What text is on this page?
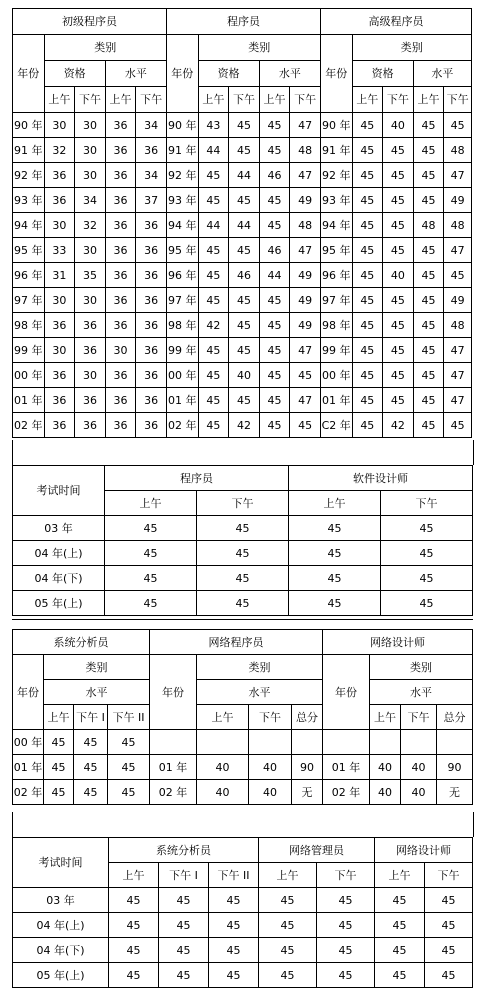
初级程序员					程序员					高级程序员				
年份	类别				年份	类别				年份	类别			
	资格		水平			资格		水平			资格		水平	
	上午	下午	上午	下午		上午	下午	上午	下午		上午	下午	上午	下午
90 年	30	30	36	34	90 年	43	45	45	47	90 年	45	40	45	45
91 年	32	30	36	36	91 年	44	45	45	48	91 年	45	45	45	48
92 年	36	30	36	34	92 年	45	44	46	47	92 年	45	45	45	47
93 年	36	34	36	37	93 年	45	45	45	49	93 年	45	45	45	49
94 年	30	32	36	36	94 年	44	44	45	48	94 年	45	45	48	48
95 年	33	30	36	36	95 年	45	45	46	47	95 年	45	45	45	47
96 年	31	35	36	36	96 年	45	46	44	49	96 年	45	40	45	45
97 年	30	30	36	36	97 年	45	45	45	49	97 年	45	45	45	49
98 年	36	36	36	36	98 年	42	45	45	49	98 年	45	45	45	48
99 年	30	36	30	36	99 年	45	45	45	47	99 年	45	45	45	47
00 年	36	30	36	36	00 年	45	40	45	45	00 年	45	45	45	47
01 年	36	36	36	36	01 年	45	45	45	47	01 年	45	45	45	47
02 年	36	36	36	36	02 年	45	42	45	45	C2 年	45	42	45	45
考试时间	程序员		软件设计师	
	上午	下午	上午	下午
03 年	45	45	45	45
04 年(上)	45	45	45	45
04 年(下)	45	45	45	45
05 年(上)	45	45	45	45
系统分析员				网络程序员				网络设计师			
年份	类别			年份	类别			年份	类别		
	水平				水平				水平		
	上午	下午 I	下午 II		上午	下午	总分		上午	下午	总分
00 年	45	45	45								
01 年	45	45	45	01 年	40	40	90	01 年	40	40	90
02 年	45	45	45	02 年	40	40	无	02 年	40	40	无
考试时间	系统分析员			网络管理员		网络设计师	
	上午	下午 I	下午 II	上午	下午	上午	下午
03 年	45	45	45	45	45	45	45
04 年(上)	45	45	45	45	45	45	45
04 年(下)	45	45	45	45	45	45	45
05 年(上)	45	45	45	45	45	45	45
